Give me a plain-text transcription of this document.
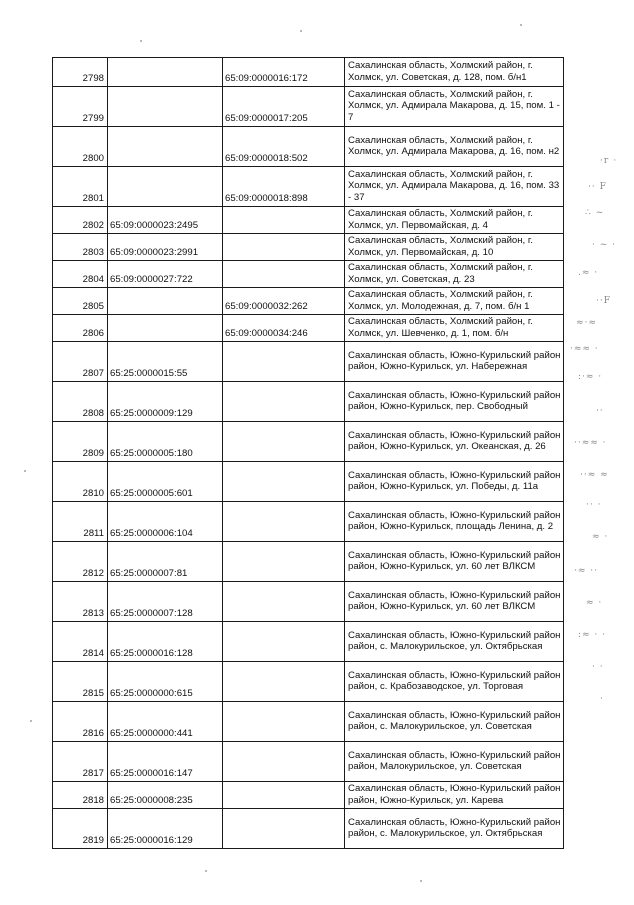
2798		65:09:0000016:172	Сахалинская область, Холмский район, г. Холмск, ул. Советская, д. 128, пом. б/н1
2799		65:09:0000017:205	Сахалинская область, Холмский район, г. Холмск, ул. Адмирала Макарова, д. 15, пом. 1 - 7
2800		65:09:0000018:502	Сахалинская область, Холмский район, г. Холмск, ул. Адмирала Макарова, д. 16, пом. н2
2801		65:09:0000018:898	Сахалинская область, Холмский район, г. Холмск, ул. Адмирала Макарова, д. 16, пом. 33 - 37
2802	65:09:0000023:2495		Сахалинская область, Холмский район, г. Холмск, ул. Первомайская, д. 4
2803	65:09:0000023:2991		Сахалинская область, Холмский район, г. Холмск, ул. Первомайская, д. 10
2804	65:09:0000027:722		Сахалинская область, Холмский район, г. Холмск, ул. Советская, д. 23
2805		65:09:0000032:262	Сахалинская область, Холмский район, г. Холмск, ул. Молодежная, д. 7, пом. б/н 1
2806		65:09:0000034:246	Сахалинская область, Холмский район, г. Холмск, ул. Шевченко, д. 1, пом. б/н
2807	65:25:0000015:55		Сахалинская область, Южно-Курильский район район, Южно-Курильск, ул. Набережная
2808	65:25:0000009:129		Сахалинская область, Южно-Курильский район район, Южно-Курильск, пер. Свободный
2809	65:25:0000005:180		Сахалинская область, Южно-Курильский район район, Южно-Курильск, ул. Океанская, д. 26
2810	65:25:0000005:601		Сахалинская область, Южно-Курильский район район, Южно-Курильск, ул. Победы, д. 11а
2811	65:25:0000006:104		Сахалинская область, Южно-Курильский район район, Южно-Курильск, площадь Ленина, д. 2
2812	65:25:0000007:81		Сахалинская область, Южно-Курильский район район, Южно-Курильск, ул. 60 лет ВЛКСМ
2813	65:25:0000007:128		Сахалинская область, Южно-Курильский район район, Южно-Курильск, ул. 60 лет ВЛКСМ
2814	65:25:0000016:128		Сахалинская область, Южно-Курильский район район, с. Малокурильское, ул. Октябрьская
2815	65:25:0000000:615		Сахалинская область, Южно-Курильский район район, с. Крабозаводское, ул. Торговая
2816	65:25:0000000:441		Сахалинская область, Южно-Курильский район район, с. Малокурильское, ул. Советская
2817	65:25:0000016:147		Сахалинская область, Южно-Курильский район район, Малокурильское, ул. Советская
2818	65:25:0000008:235		Сахалинская область, Южно-Курильский район район, Южно-Курильск, ул. Карева
2819	65:25:0000016:129		Сахалинская область, Южно-Курильский район район, с. Малокурильское, ул. Октябрьская
·г ·
·· F
∴ ~
· ~ ·
.≈ ·
··F
≈·≈
·≈≈ ·
:·≈ ·
··
··≈≈ ·
··≈ ≈
·· ·
≈ ·
·≈ ··
≈ ·
:≈ · ·
· ·
·
